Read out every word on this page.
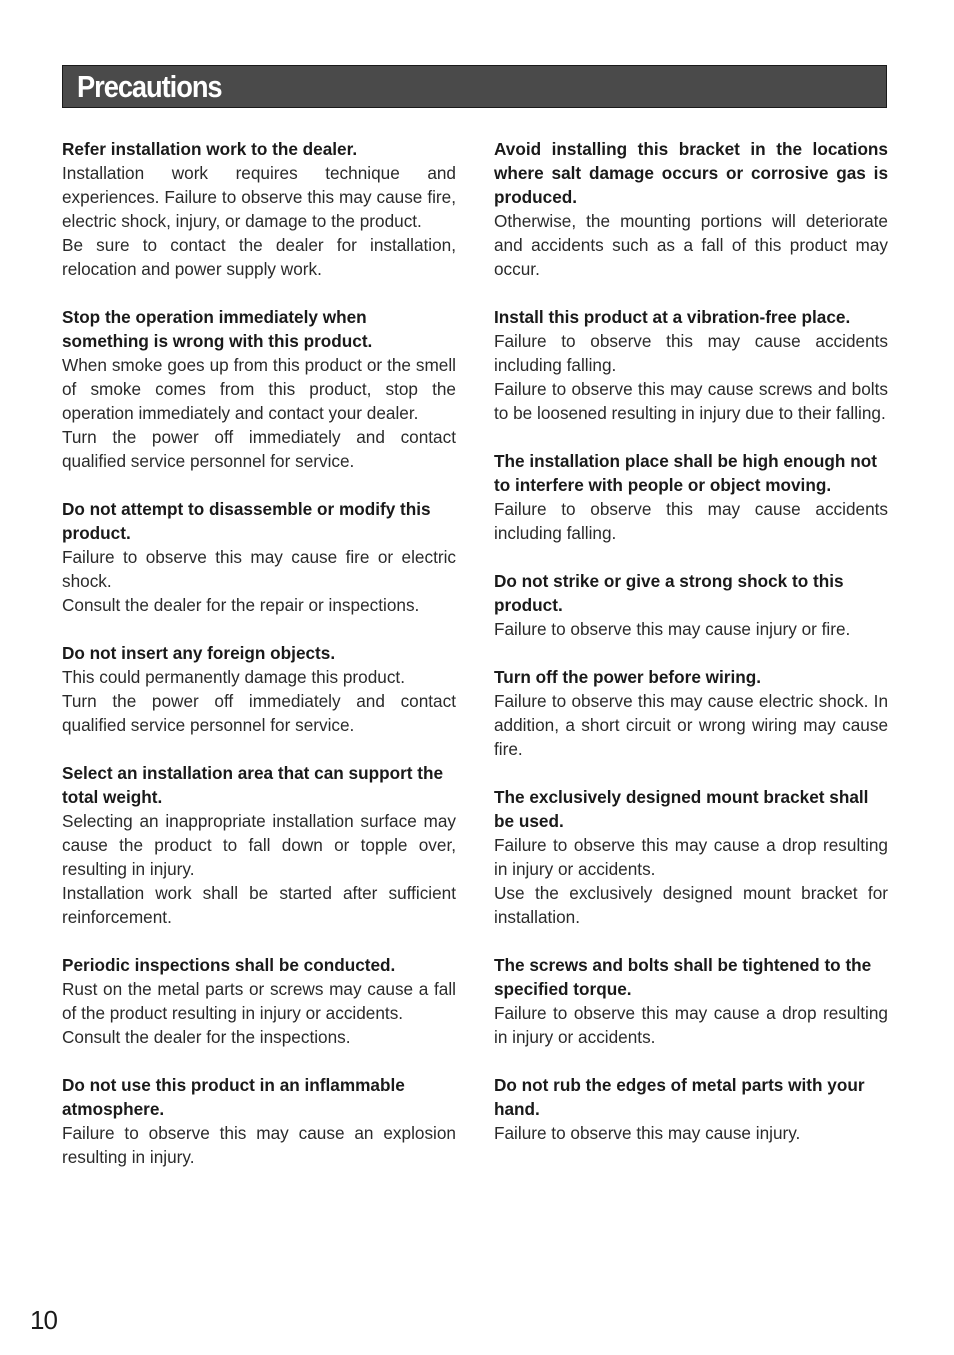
Precautions

Refer installation work to the dealer.

Installation work requires technique and experiences. Failure to observe this may cause fire, electric shock, injury, or damage to the product.

Be sure to contact the dealer for installation, relocation and power supply work.

Stop the operation immediately when something is wrong with this product.

When smoke goes up from this product or the smell of smoke comes from this product, stop the operation immediately and contact your dealer.

Turn the power off immediately and contact qualified service personnel for service.

Do not attempt to disassemble or modify this product.

Failure to observe this may cause fire or electric shock.

Consult the dealer for the repair or inspections.

Do not insert any foreign objects.

This could permanently damage this product.

Turn the power off immediately and contact qualified service personnel for service.

Select an installation area that can support the total weight.

Selecting an inappropriate installation surface may cause the product to fall down or topple over, resulting in injury.

Installation work shall be started after sufficient reinforcement.

Periodic inspections shall be conducted.

Rust on the metal parts or screws may cause a fall of the product resulting in injury or accidents.

Consult the dealer for the inspections.

Do not use this product in an inflammable atmosphere.

Failure to observe this may cause an explosion resulting in injury.

Avoid installing this bracket in the locations where salt damage occurs or corrosive gas is produced.

Otherwise, the mounting portions will deteriorate and accidents such as a fall of this product may occur.

Install this product at a vibration-free place.

Failure to observe this may cause accidents including falling.

Failure to observe this may cause screws and bolts to be loosened resulting in injury due to their falling.

The installation place shall be high enough not to interfere with people or object moving.

Failure to observe this may cause accidents including falling.

Do not strike or give a strong shock to this product.

Failure to observe this may cause injury or fire.

Turn off the power before wiring.

Failure to observe this may cause electric shock. In addition, a short circuit or wrong wiring may cause fire.

The exclusively designed mount bracket shall be used.

Failure to observe this may cause a drop resulting in injury or accidents.

Use the exclusively designed mount bracket for installation.

The screws and bolts shall be tightened to the specified torque.

Failure to observe this may cause a drop resulting in injury or accidents.

Do not rub the edges of metal parts with your hand.

Failure to observe this may cause injury.

10
